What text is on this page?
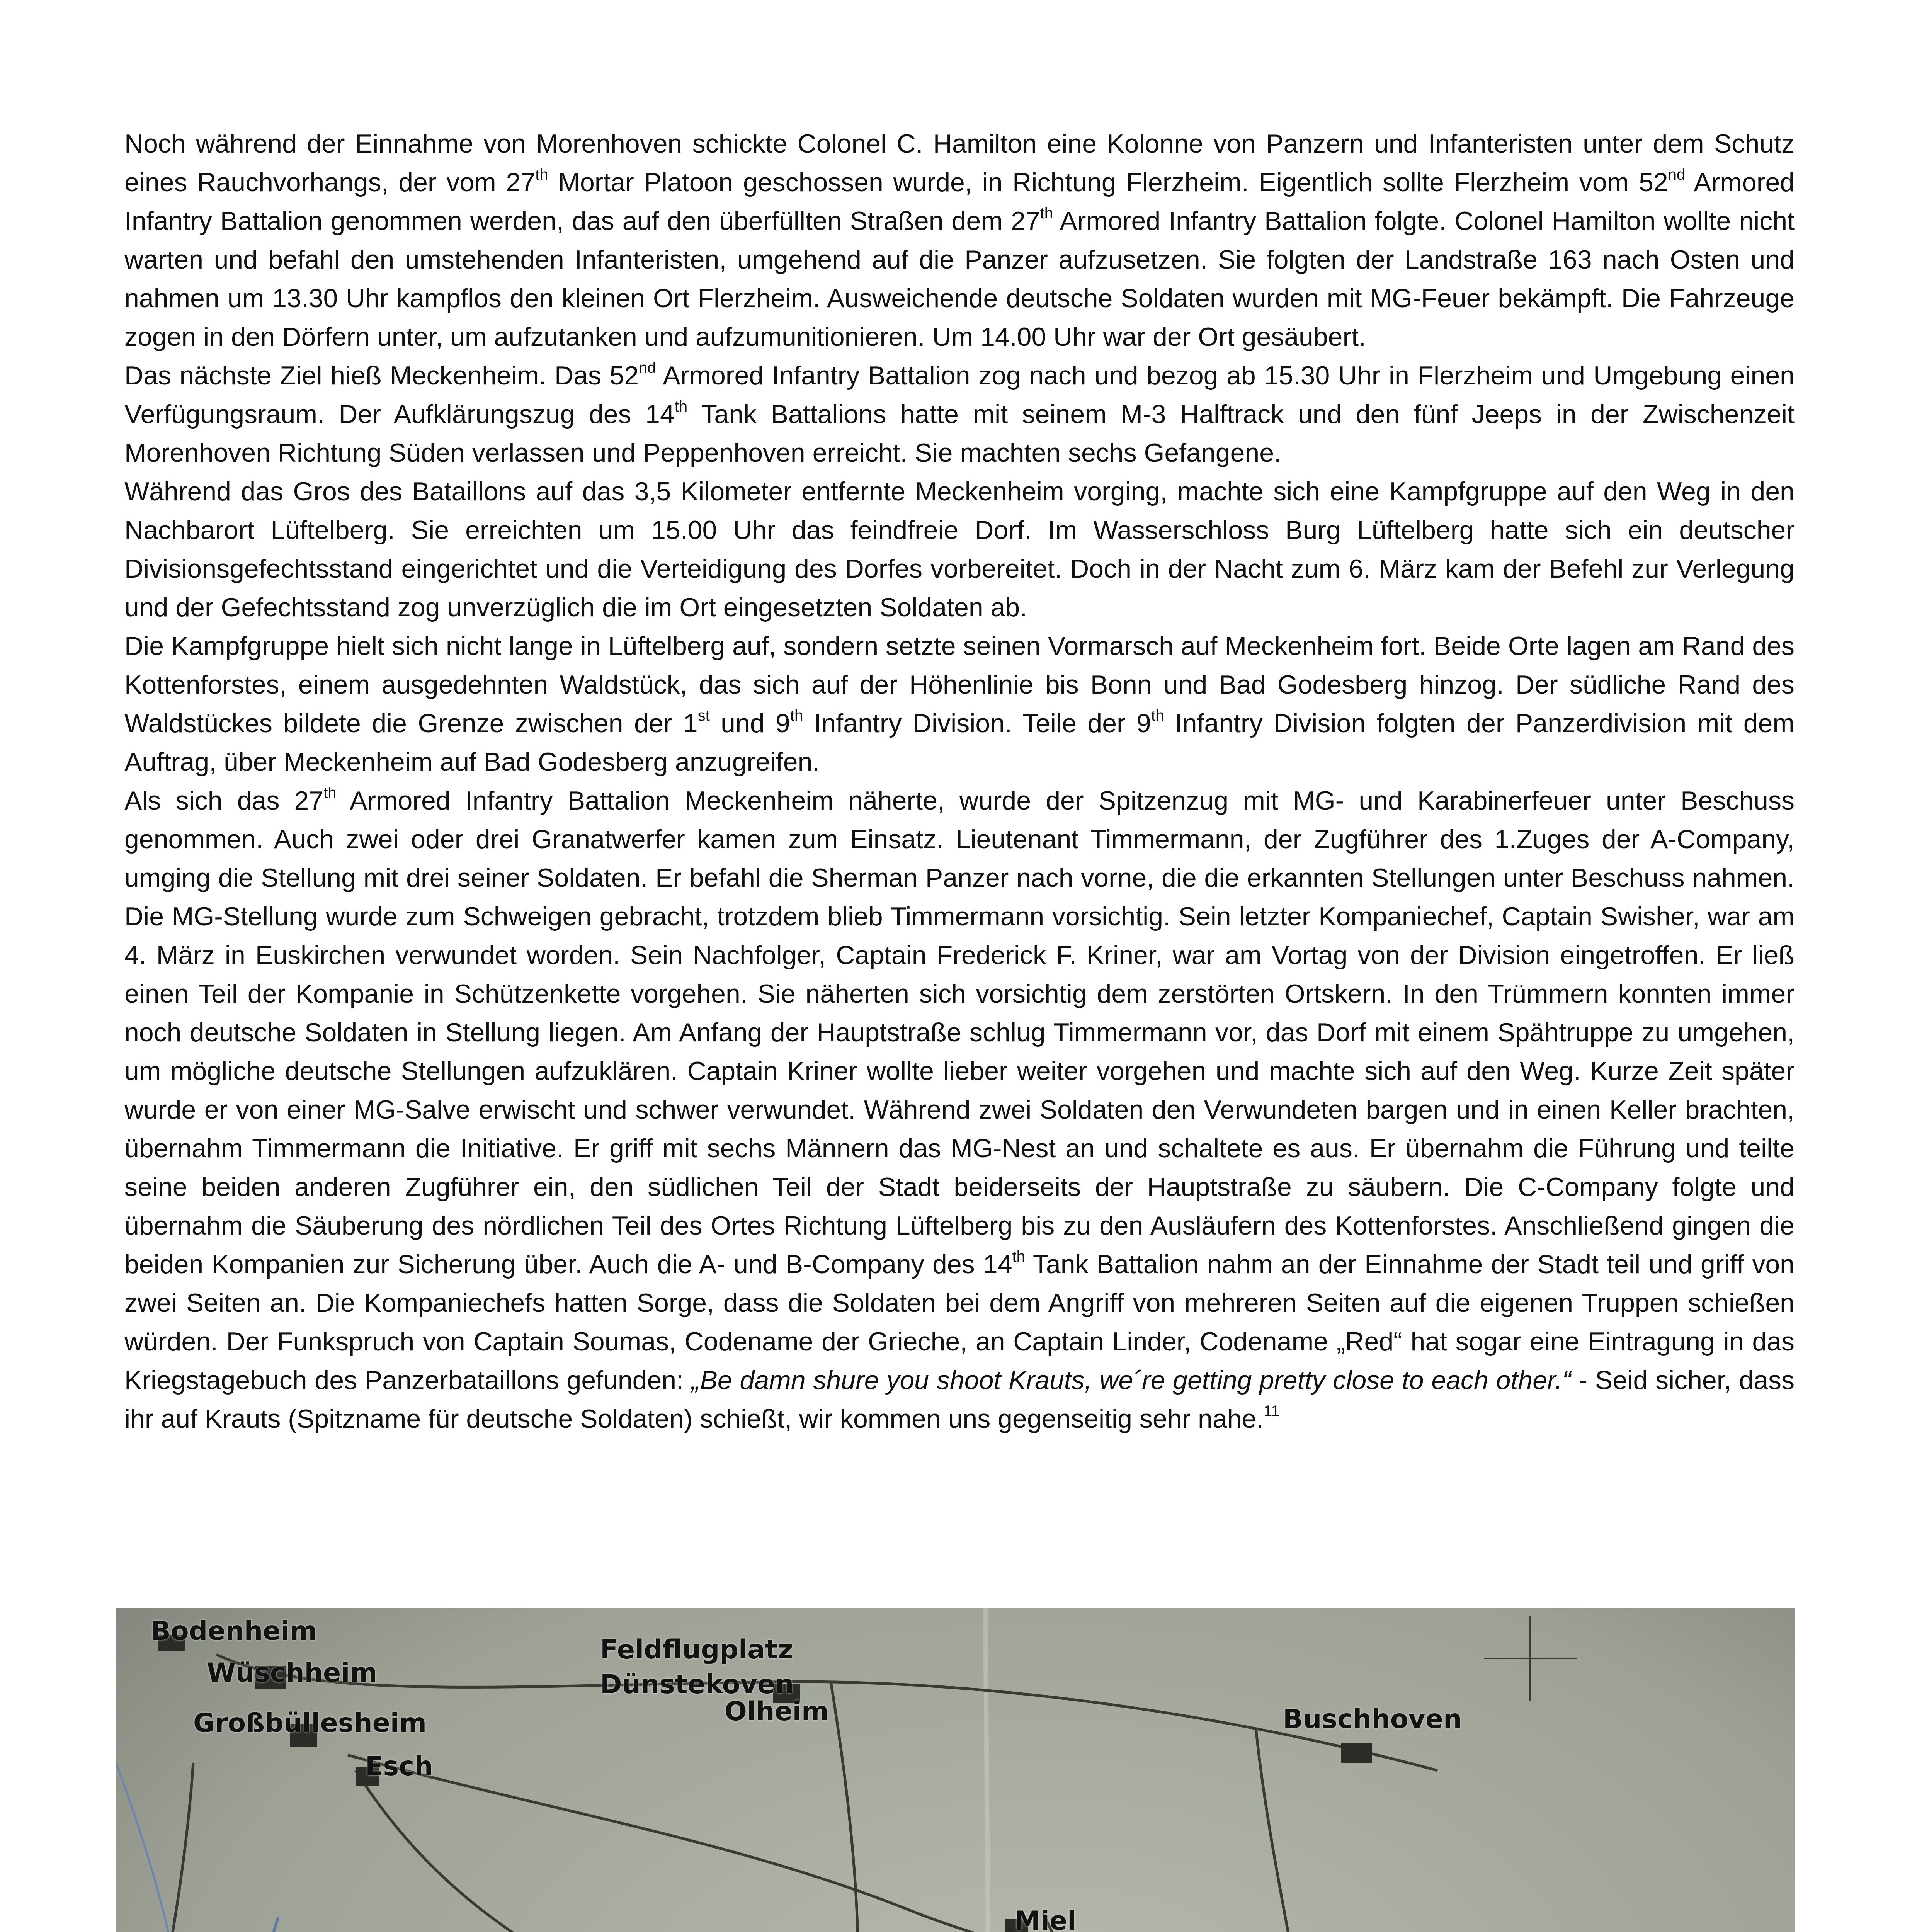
Noch während der Einnahme von Morenhoven schickte Colonel C. Hamilton eine Kolonne von Panzern und Infanteristen unter dem Schutz eines Rauchvorhangs, der vom 27th Mortar Platoon geschossen wurde, in Richtung Flerzheim. Eigentlich sollte Flerzheim vom 52nd Armored Infantry Battalion genommen werden, das auf den überfüllten Straßen dem 27th Armored Infantry Battalion folgte. Colonel Hamilton wollte nicht warten und befahl den umstehenden Infanteristen, umgehend auf die Panzer aufzusetzen. Sie folgten der Landstraße 163 nach Osten und nahmen um 13.30 Uhr kampflos den kleinen Ort Flerzheim. Ausweichende deutsche Soldaten wurden mit MG-Feuer bekämpft. Die Fahrzeuge zogen in den Dörfern unter, um aufzutanken und aufzumunitionieren. Um 14.00 Uhr war der Ort gesäubert.

Das nächste Ziel hieß Meckenheim. Das 52nd Armored Infantry Battalion zog nach und bezog ab 15.30 Uhr in Flerzheim und Umgebung einen Verfügungsraum. Der Aufklärungszug des 14th Tank Battalions hatte mit seinem M-3 Halftrack und den fünf Jeeps in der Zwischenzeit Morenhoven Richtung Süden verlassen und Peppenhoven erreicht. Sie machten sechs Gefangene.

Während das Gros des Bataillons auf das 3,5 Kilometer entfernte Meckenheim vorging, machte sich eine Kampfgruppe auf den Weg in den Nachbarort Lüftelberg. Sie erreichten um 15.00 Uhr das feindfreie Dorf. Im Wasserschloss Burg Lüftelberg hatte sich ein deutscher Divisionsgefechtsstand eingerichtet und die Verteidigung des Dorfes vorbereitet. Doch in der Nacht zum 6. März kam der Befehl zur Verlegung und der Gefechtsstand zog unverzüglich die im Ort eingesetzten Soldaten ab.

Die Kampfgruppe hielt sich nicht lange in Lüftelberg auf, sondern setzte seinen Vormarsch auf Meckenheim fort. Beide Orte lagen am Rand des Kottenforstes, einem ausgedehnten Waldstück, das sich auf der Höhenlinie bis Bonn und Bad Godesberg hinzog. Der südliche Rand des Waldstückes bildete die Grenze zwischen der 1st und 9th Infantry Division. Teile der 9th Infantry Division folgten der Panzerdivision mit dem Auftrag, über Meckenheim auf Bad Godesberg anzugreifen.

Als sich das 27th Armored Infantry Battalion Meckenheim näherte, wurde der Spitzenzug mit MG- und Karabinerfeuer unter Beschuss genommen. Auch zwei oder drei Granatwerfer kamen zum Einsatz. Lieutenant Timmermann, der Zugführer des 1.Zuges der A-Company, umging die Stellung mit drei seiner Soldaten. Er befahl die Sherman Panzer nach vorne, die die erkannten Stellungen unter Beschuss nahmen. Die MG-Stellung wurde zum Schweigen gebracht, trotzdem blieb Timmermann vorsichtig. Sein letzter Kompaniechef, Captain Swisher, war am 4. März in Euskirchen verwundet worden. Sein Nachfolger, Captain Frederick F. Kriner, war am Vortag von der Division eingetroffen. Er ließ einen Teil der Kompanie in Schützenkette vorgehen. Sie näherten sich vorsichtig dem zerstörten Ortskern. In den Trümmern konnten immer noch deutsche Soldaten in Stellung liegen. Am Anfang der Hauptstraße schlug Timmermann vor, das Dorf mit einem Spähtruppe zu umgehen, um mögliche deutsche Stellungen aufzuklären. Captain Kriner wollte lieber weiter vorgehen und machte sich auf den Weg. Kurze Zeit später wurde er von einer MG-Salve erwischt und schwer verwundet. Während zwei Soldaten den Verwundeten bargen und in einen Keller brachten, übernahm Timmermann die Initiative. Er griff mit sechs Männern das MG-Nest an und schaltete es aus. Er übernahm die Führung und teilte seine beiden anderen Zugführer ein, den südlichen Teil der Stadt beiderseits der Hauptstraße zu säubern. Die C-Company folgte und übernahm die Säuberung des nördlichen Teil des Ortes Richtung Lüftelberg bis zu den Ausläufern des Kottenforstes. Anschließend gingen die beiden Kompanien zur Sicherung über. Auch die A- und B-Company des 14th Tank Battalion nahm an der Einnahme der Stadt teil und griff von zwei Seiten an. Die Kompaniechefs hatten Sorge, dass die Soldaten bei dem Angriff von mehreren Seiten auf die eigenen Truppen schießen würden. Der Funkspruch von Captain Soumas, Codename der Grieche, an Captain Linder, Codename „Red“ hat sogar eine Eintragung in das Kriegstagebuch des Panzerbataillons gefunden: „Be damn shure you shoot Krauts, we´re getting pretty close to each other.“ - Seid sicher, dass ihr auf Krauts (Spitzname für deutsche Soldaten) schießt, wir kommen uns gegenseitig sehr nahe.$^{11}$

Bodenheim
Wüschheim
Großbüllesheim
Esch
Feldflugplatz
Dünstekoven
Olheim	Buschhoven
Miel
